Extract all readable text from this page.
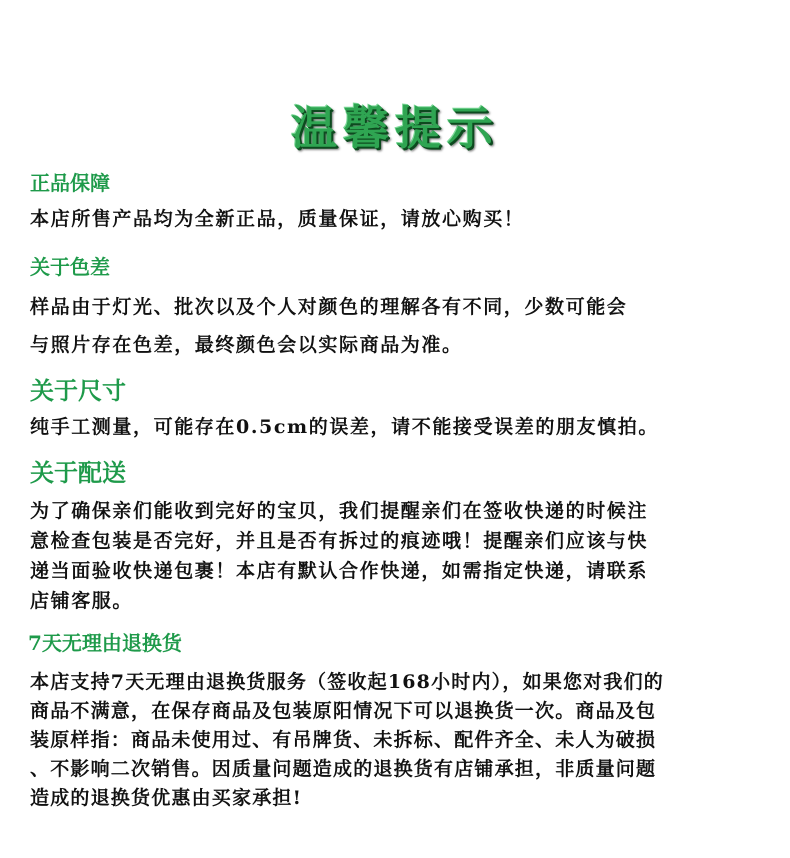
温馨提示
正品保障
本店所售产品均为全新正品，质量保证，请放心购买！
关于色差
样品由于灯光、批次以及个人对颜色的理解各有不同，少数可能会
与照片存在色差，最终颜色会以实际商品为准。
关于尺寸
纯手工测量，可能存在0.5cm的误差，请不能接受误差的朋友慎拍。
关于配送
为了确保亲们能收到完好的宝贝，我们提醒亲们在签收快递的时候注
意检查包装是否完好，并且是否有拆过的痕迹哦！提醒亲们应该与快
递当面验收快递包裹！本店有默认合作快递，如需指定快递，请联系
店铺客服。
7天无理由退换货
本店支持7天无理由退换货服务（签收起168小时内），如果您对我们的
商品不满意，在保存商品及包装原阳情况下可以退换货一次。商品及包
装原样指：商品未使用过、有吊牌货、未拆标、配件齐全、未人为破损
、不影响二次销售。因质量问题造成的退换货有店铺承担，非质量问题
造成的退换货优惠由买家承担!
